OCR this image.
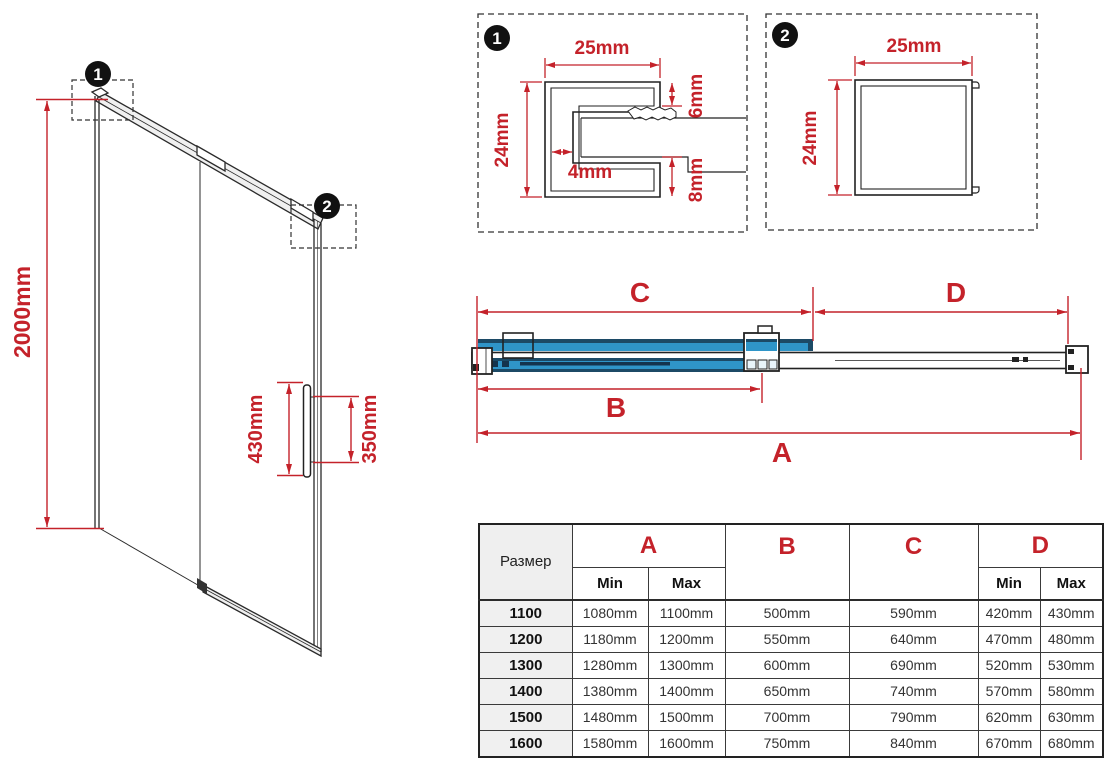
2000mm
430mm	350mm
1
2
1	25mm
24mm
6mm
8mm
4mm
2
25mm
24mm
C	D
B
A
Размер	A		B	C	D	
	Min	Max			Min	Max
1100	1080mm	1100mm	500mm	590mm	420mm	430mm
1200	1180mm	1200mm	550mm	640mm	470mm	480mm
1300	1280mm	1300mm	600mm	690mm	520mm	530mm
1400	1380mm	1400mm	650mm	740mm	570mm	580mm
1500	1480mm	1500mm	700mm	790mm	620mm	630mm
1600	1580mm	1600mm	750mm	840mm	670mm	680mm
